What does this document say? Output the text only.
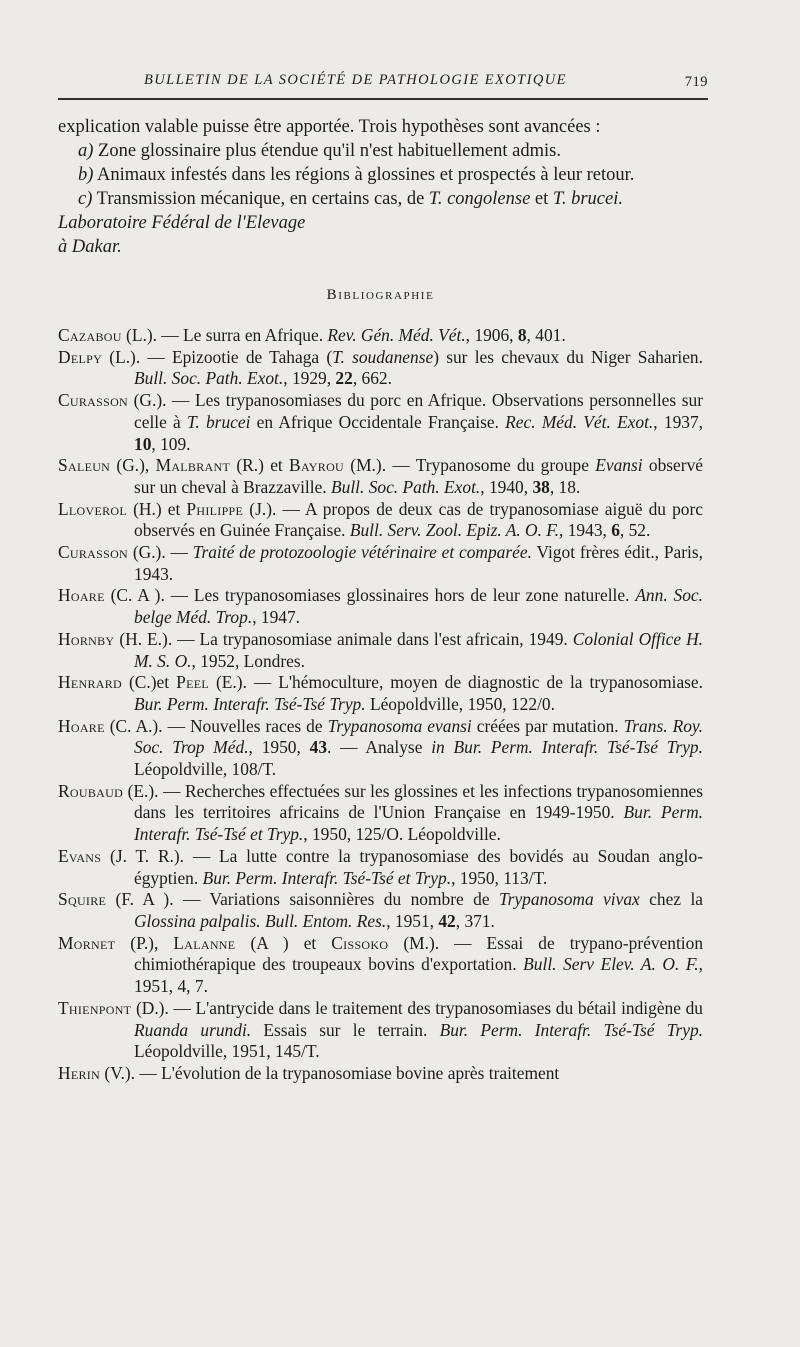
BULLETIN DE LA SOCIÉTÉ DE PATHOLOGIE EXOTIQUE	719

explication valable puisse être apportée. Trois hypothèses sont avancées :

a) Zone glossinaire plus étendue qu'il n'est habituellement admis.

b) Animaux infestés dans les régions à glossines et prospectés à leur retour.

c) Transmission mécanique, en certains cas, de T. congolense et T. brucei.

Laboratoire Fédéral de l'Elevage

à Dakar.

Bibliographie

Cazabou (L.). — Le surra en Afrique. Rev. Gén. Méd. Vét., 1906, 8, 401.

Delpy (L.). — Epizootie de Tahaga (T. soudanense) sur les chevaux du Niger Saharien. Bull. Soc. Path. Exot., 1929, 22, 662.

Curasson (G.). — Les trypanosomiases du porc en Afrique. Observations personnelles sur celle à T. brucei en Afrique Occidentale Française. Rec. Méd. Vét. Exot., 1937, 10, 109.

Saleun (G.), Malbrant (R.) et Bayrou (M.). — Trypanosome du groupe Evansi observé sur un cheval à Brazzaville. Bull. Soc. Path. Exot., 1940, 38, 18.

Lloverol (H.) et Philippe (J.). — A propos de deux cas de trypanosomiase aiguë du porc observés en Guinée Française. Bull. Serv. Zool. Epiz. A. O. F., 1943, 6, 52.

Curasson (G.). — Traité de protozoologie vétérinaire et comparée. Vigot frères édit., Paris, 1943.

Hoare (C. A ). — Les trypanosomiases glossinaires hors de leur zone naturelle. Ann. Soc. belge Méd. Trop., 1947.

Hornby (H. E.). — La trypanosomiase animale dans l'est africain, 1949. Colonial Office H. M. S. O., 1952, Londres.

Henrard (C.)et Peel (E.). — L'hémoculture, moyen de diagnostic de la trypanosomiase. Bur. Perm. Interafr. Tsé-Tsé Tryp. Léopoldville, 1950, 122/0.

Hoare (C. A.). — Nouvelles races de Trypanosoma evansi créées par mutation. Trans. Roy. Soc. Trop Méd., 1950, 43. — Analyse in Bur. Perm. Interafr. Tsé-Tsé Tryp. Léopoldville, 108/T.

Roubaud (E.). — Recherches effectuées sur les glossines et les infections trypanosomiennes dans les territoires africains de l'Union Française en 1949-1950. Bur. Perm. Interafr. Tsé-Tsé et Tryp., 1950, 125/O. Léopoldville.

Evans (J. T. R.). — La lutte contre la trypanosomiase des bovidés au Soudan anglo-égyptien. Bur. Perm. Interafr. Tsé-Tsé et Tryp., 1950, 113/T.

Squire (F. A ). — Variations saisonnières du nombre de Trypanosoma vivax chez la Glossina palpalis. Bull. Entom. Res., 1951, 42, 371.

Mornet (P.), Lalanne (A ) et Cissoko (M.). — Essai de trypano-prévention chimiothérapique des troupeaux bovins d'exportation. Bull. Serv Elev. A. O. F., 1951, 4, 7.

Thienpont (D.). — L'antrycide dans le traitement des trypanosomiases du bétail indigène du Ruanda urundi. Essais sur le terrain. Bur. Perm. Interafr. Tsé-Tsé Tryp. Léopoldville, 1951, 145/T.

Herin (V.). — L'évolution de la trypanosomiase bovine après traitement
